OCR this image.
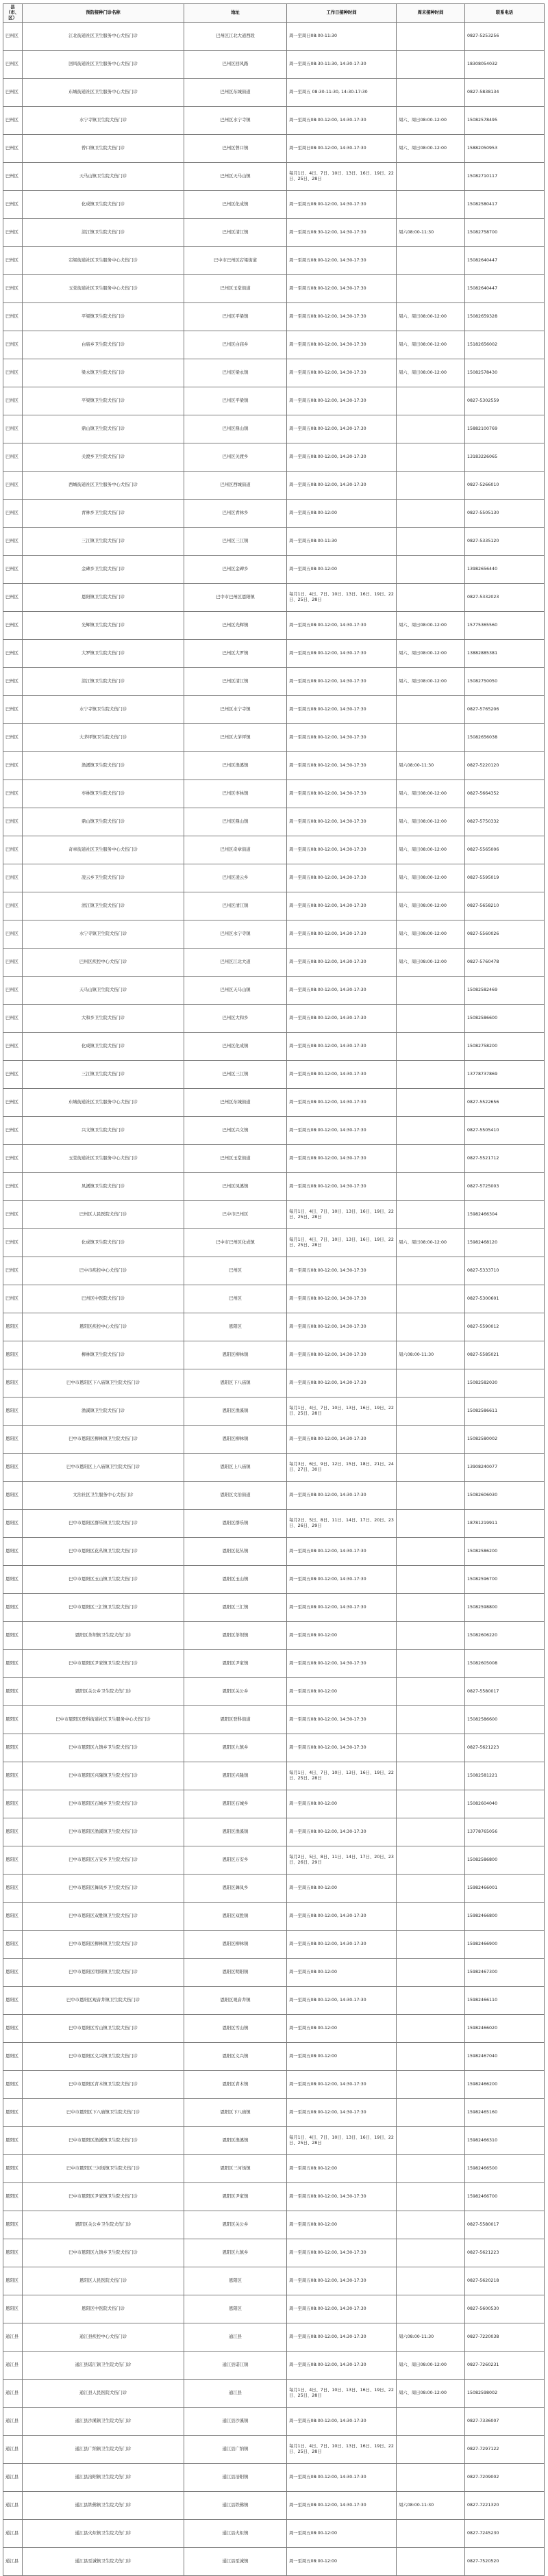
县（市、区）	预防接种门诊名称	地址	工作日接种时间	周末接种时间	联系电话
巴州区	江北街道社区卫生服务中心犬伤门诊	巴州区江北大道西段	周一至周日08:00-11:30		0827-5253256
巴州区	回风街道社区卫生服务中心犬伤门诊	巴州区回风路	周一至周五08:30-11:30, 14:30-17:30		18308054032
巴州区	东城街道社区卫生服务中心犬伤门诊	巴州区东城街道	周一至周五 08:30-11:30, 14:30-17:30		0827-5838134
巴州区	水宁寺镇卫生院犬伤门诊	巴州区水宁寺镇	周一至周五08:00-12:00, 14:30-17:30	周六、周日08:00-12:00	15082578495
巴州区	曾口镇卫生院犬伤门诊	巴州区曾口镇	周一至周日08:00-12:00, 14:30-17:30	周六、周日08:00-12:00	15882050953
巴州区	天马山镇卫生院犬伤门诊	巴州区天马山镇	每月1日、4日、7日、10日、13日、16日、19日、22日、25日、28日		15082710117
巴州区	化成镇卫生院犬伤门诊	巴州区化成镇	周一至周五08:00-12:00, 14:30-17:30		15082580417
巴州区	清江镇卫生院犬伤门诊	巴州区清江镇	周一至周五08:30-12:00, 14:30-17:30	周六08:00-11:30	15082758700
巴州区	宕梁街道社区卫生服务中心犬伤门诊	巴中市巴州区宕梁街道	周一至周五08:00-12:00, 14:30-17:30		15082640447
巴州区	玉堂街道社区卫生服务中心犬伤门诊	巴州区玉堂街道	周一至周五08:00-12:00, 14:30-17:30		15082640447
巴州区	平梁镇卫生院犬伤门诊	巴州区平梁镇	周一至周五08:00-12:00, 14:30-17:30	周六、周日08:00-12:00	15082659328
巴州区	白庙乡卫生院犬伤门诊	巴州区白庙乡	周一至周五08:00-12:00, 14:30-17:30	周六、周日08:00-12:00	15182656002
巴州区	梁永镇卫生院犬伤门诊	巴州区梁永镇	周一至周五08:00-12:00, 14:30-17:30	周六、周日08:00-12:00	15082578430
巴州区	平梁镇卫生院犬伤门诊	巴州区平梁镇	周一至周五08:00-12:00, 14:30-17:30		0827-5302559
巴州区	鼎山镇卫生院犬伤门诊	巴州区鼎山镇	周一至周五08:00-12:00, 14:30-17:30		15882100769
巴州区	关渡乡卫生院犬伤门诊	巴州区关渡乡	周一至周五08:00-12:00, 14:30-17:30		13183226065
巴州区	西城街道社区卫生服务中心犬伤门诊	巴州区西城街道	周一至周五08:00-12:00, 14:30-17:30		0827-5266010
巴州区	青林乡卫生院犬伤门诊	巴州区青林乡	周一至周五08:00-12:00		0827-5505130
巴州区	三江镇卫生院犬伤门诊	巴州区三江镇	周一至周五08:00-11:30		0827-5335120
巴州区	金碑乡卫生院犬伤门诊	巴州区金碑乡	周一至周五08:00-12:00		13982656440
巴州区	恩阳镇卫生院犬伤门诊	巴中市巴州区恩阳镇	每月1日、4日、7日、10日、13日、16日、19日、22日、25日、28日		0827-5332023
巴州区	光辉镇卫生院犬伤门诊	巴州区光辉镇	周一至周五08:00-12:00, 14:30-17:30	周六、周日08:00-12:00	15775365560
巴州区	大罗镇卫生院犬伤门诊	巴州区大罗镇	周一至周五08:00-12:00, 14:30-17:30	周六、周日08:00-12:00	13882885381
巴州区	清江镇卫生院犬伤门诊	巴州区清江镇	周一至周五08:00-12:00, 14:30-17:30	周六、周日08:00-12:00	15082750050
巴州区	水宁寺镇卫生院犬伤门诊	巴州区水宁寺镇	周一至周五08:00-12:00, 14:30-17:30		0827-5765206
巴州区	大茅坪镇卫生院犬伤门诊	巴州区大茅坪镇	周一至周五08:00-12:00, 14:30-17:30		15082656038
巴州区	渔溪镇卫生院犬伤门诊	巴州区渔溪镇	周一至周五08:00-12:00, 14:30-17:30	周六08:00-11:30	0827-5220120
巴州区	枣林镇卫生院犬伤门诊	巴州区枣林镇	周一至周五08:00-12:00, 14:30-17:30	周六、周日08:00-12:00	0827-5664352
巴州区	鼎山镇卫生院犬伤门诊	巴州区鼎山镇	周一至周五08:00-12:00, 14:30-17:30	周六、周日08:00-12:00	0827-5750332
巴州区	奇章街道社区卫生服务中心犬伤门诊	巴州区奇章街道	周一至周五08:00-12:00, 14:30-17:30	周六、周日08:00-12:00	0827-5565006
巴州区	凌云乡卫生院犬伤门诊	巴州区凌云乡	周一至周五08:00-12:00, 14:30-17:30	周六、周日08:00-12:00	0827-5595019
巴州区	清江镇卫生院犬伤门诊	巴州区清江镇	周一至周五08:00-12:00, 14:30-17:30	周六、周日08:00-12:00	0827-5658210
巴州区	水宁寺镇卫生院犬伤门诊	巴州区水宁寺镇	周一至周五08:00-12:00, 14:30-17:30	周六、周日08:00-12:00	0827-5560026
巴州区	巴州区疾控中心犬伤门诊	巴州区江北大道	周一至周五08:00-12:00, 14:30-17:30	周六、周日08:00-12:00	0827-5760478
巴州区	天马山镇卫生院犬伤门诊	巴州区天马山镇	周一至周五08:00-12:00, 14:30-17:30		15082582469
巴州区	大和乡卫生院犬伤门诊	巴州区大和乡	周一至周五08:00-12:00, 14:30-17:30		15082586600
巴州区	化成镇卫生院犬伤门诊	巴州区化成镇	周一至周五08:00-12:00, 14:30-17:30		15082758200
巴州区	三江镇卫生院犬伤门诊	巴州区三江镇	周一至周五08:00-12:00, 14:30-17:30		13778737869
巴州区	东城街道社区卫生服务中心犬伤门诊	巴州区东城街道	周一至周五08:00-12:00, 14:30-17:30		0827-5522656
巴州区	兴文镇卫生院犬伤门诊	巴州区兴文镇	周一至周五08:00-12:00, 14:30-17:30		0827-5505410
巴州区	玉堂街道社区卫生服务中心犬伤门诊	巴州区玉堂街道	周一至周五08:00-12:00, 14:30-17:30		0827-5521712
巴州区	凤溪镇卫生院犬伤门诊	巴州区凤溪镇	周一至周五08:00-12:00, 14:30-17:30		0827-5725003
巴州区	巴州区人民医院犬伤门诊	巴中市巴州区	每月1日、4日、7日、10日、13日、16日、19日、22日、25日、28日		15982466304
巴州区	化成镇卫生院犬伤门诊	巴中市巴州区化成镇	每月1日、4日、7日、10日、13日、16日、19日、22日、25日、28日	周六、周日08:00-12:00	15982468120
巴州区	巴中市疾控中心犬伤门诊	巴州区	周一至周五08:00-12:00, 14:30-17:30		0827-5333710
巴州区	巴州区中医院犬伤门诊	巴州区	周一至周五08:00-12:00, 14:30-17:30		0827-5300601
恩阳区	恩阳区疾控中心犬伤门诊	恩阳区	周一至周五08:00-12:00, 14:30-17:30		0827-5590012
恩阳区	柳林镇卫生院犬伤门诊	恩阳区柳林镇	周一至周五08:00-12:00, 14:30-17:30	周六08:00-11:30	0827-5585021
恩阳区	巴中市恩阳区下八庙镇卫生院犬伤门诊	恩阳区下八庙镇	周一至周五08:00-12:00, 14:30-17:30		15082582030
恩阳区	渔溪镇卫生院犬伤门诊	恩阳区渔溪镇	每月1日、4日、7日、10日、13日、16日、19日、22日、25日、28日		15082586611
恩阳区	巴中市恩阳区柳林镇卫生院犬伤门诊	恩阳区柳林镇	周一至周五08:00-12:00, 14:30-17:30		15082580002
恩阳区	巴中市恩阳区上八庙镇卫生院犬伤门诊	恩阳区上八庙镇	每月3日、6日、9日、12日、15日、18日、21日、24日、27日、30日		13908240077
恩阳区	文治社区卫生服务中心犬伤门诊	恩阳区文治街道	周一至周五08:00-12:00, 14:30-17:30		15082606030
恩阳区	巴中市恩阳区群乐镇卫生院犬伤门诊	恩阳区群乐镇	每月2日、5日、8日、11日、14日、17日、20日、23日、26日、29日		18781219911
恩阳区	巴中市恩阳区花丛镇卫生院犬伤门诊	恩阳区花丛镇	周一至周五08:00-12:00, 14:30-17:30		15082586200
恩阳区	巴中市恩阳区玉山镇卫生院犬伤门诊	恩阳区玉山镇	周一至周五08:00-12:00, 14:30-17:30		15082596700
恩阳区	巴中市恩阳区三汇镇卫生院犬伤门诊	恩阳区三汇镇	周一至周五08:00-12:00, 14:30-17:30		15082598800
恩阳区	恩阳区茶坝镇卫生院犬伤门诊	恩阳区茶坝镇	周一至周五08:00-12:00		15082606220
恩阳区	巴中市恩阳区尹家镇卫生院犬伤门诊	恩阳区尹家镇	周一至周五08:00-12:00, 14:30-17:30		15082605008
恩阳区	恩阳区关公乡卫生院犬伤门诊	恩阳区关公乡	周一至周五08:00-12:00		0827-5580017
恩阳区	巴中市恩阳区登科街道社区卫生服务中心犬伤门诊	恩阳区登科街道	周一至周五08:00-12:00, 14:30-17:30		15082586600
恩阳区	巴中市恩阳区九镇乡卫生院犬伤门诊	恩阳区九镇乡	周一至周五08:00-12:00, 14:30-17:30		0827-5621223
恩阳区	巴中市恩阳区兴隆镇卫生院犬伤门诊	恩阳区兴隆镇	每月1日、4日、7日、10日、13日、16日、19日、22日、25日、28日		15082581221
恩阳区	巴中市恩阳区石城乡卫生院犬伤门诊	恩阳区石城乡	周一至周五08:00-12:00		15082604040
恩阳区	巴中市恩阳区渔溪镇卫生院犬伤门诊	恩阳区渔溪镇	周一至周五08:00-12:00, 14:30-17:30		13778765056
恩阳区	巴中市恩阳区万安乡卫生院犬伤门诊	恩阳区万安乡	每月2日、5日、8日、11日、14日、17日、20日、23日、26日、29日		15082586800
恩阳区	巴中市恩阳区舞凤乡卫生院犬伤门诊	恩阳区舞凤乡	周一至周五08:00-12:00		15982466001
恩阳区	巴中市恩阳区双胜镇卫生院犬伤门诊	恩阳区双胜镇	周一至周五08:00-12:00, 14:30-17:30		15982466800
恩阳区	巴中市恩阳区柳林镇卫生院犬伤门诊	恩阳区柳林镇	周一至周五08:00-12:00, 14:30-17:30		15982466900
恩阳区	巴中市恩阳区明阳镇卫生院犬伤门诊	恩阳区明阳镇	周一至周五08:00-12:00		15982467300
恩阳区	巴中市恩阳区观音井镇卫生院犬伤门诊	恩阳区观音井镇	周一至周五08:00-12:00, 14:30-17:30		15982466110
恩阳区	巴中市恩阳区雪山镇卫生院犬伤门诊	恩阳区雪山镇	周一至周五08:00-12:00		15982466020
恩阳区	巴中市恩阳区义兴镇卫生院犬伤门诊	恩阳区义兴镇	周一至周五08:00-12:00		15982467040
恩阳区	巴中市恩阳区青木镇卫生院犬伤门诊	恩阳区青木镇	周一至周五08:00-12:00, 14:30-17:30		15982466200
恩阳区	巴中市恩阳区下八庙镇卫生院犬伤门诊	恩阳区下八庙镇	周一至周五08:00-12:00, 14:30-17:30		15982465160
恩阳区	巴中市恩阳区渔溪镇卫生院犬伤门诊	恩阳区渔溪镇	每月1日、4日、7日、10日、13日、16日、19日、22日、25日、28日		15982466310
恩阳区	巴中市恩阳区三河场镇卫生院犬伤门诊	恩阳区三河场镇	周一至周五08:00-12:00		15982466500
恩阳区	巴中市恩阳区尹家镇卫生院犬伤门诊	恩阳区尹家镇	周一至周五08:00-12:00, 14:30-17:30		15982466700
恩阳区	恩阳区关公乡卫生院犬伤门诊	恩阳区关公乡	周一至周五08:00-12:00		0827-5580017
恩阳区	巴中市恩阳区九镇乡卫生院犬伤门诊	恩阳区九镇乡	周一至周五08:00-12:00, 14:30-17:30		0827-5621223
恩阳区	恩阳区人民医院犬伤门诊	恩阳区	周一至周五08:00-12:00, 14:30-17:30		0827-5620218
恩阳区	恩阳区中医院犬伤门诊	恩阳区	周一至周五08:00-12:00, 14:30-17:30		0827-5600530
通江县	通江县疾控中心犬伤门诊	通江县	周一至周五08:00-12:00, 14:30-17:30	周六08:00-11:30	0827-7220038
通江县	通江县诺江镇卫生院犬伤门诊	通江县诺江镇	周一至周五08:00-12:00, 14:30-17:30	周六、周日08:00-12:00	0827-7260231
通江县	通江县人民医院犬伤门诊	通江县	每月1日、4日、7日、10日、13日、16日、19日、22日、25日、28日	周六、周日08:00-12:00	15082598002
通江县	通江县沙溪镇卫生院犬伤门诊	通江县沙溪镇	周一至周五08:00-12:00, 14:30-17:30		0827-7336007
通江县	通江县广纳镇卫生院犬伤门诊	通江县广纳镇	每月1日、4日、7日、10日、13日、16日、19日、22日、25日、28日		0827-7297122
通江县	通江县涪阳镇卫生院犬伤门诊	通江县涪阳镇	周一至周五08:00-12:00, 14:30-17:30		0827-7209002
通江县	通江县铁佛镇卫生院犬伤门诊	通江县铁佛镇	周一至周五08:00-12:00, 14:30-17:30	周六08:00-11:30	0827-7221320
通江县	通江县火炬镇卫生院犬伤门诊	通江县火炬镇	周一至周五08:00-12:00		0827-7245230
通江县	通江县至诚镇卫生院犬伤门诊	通江县至诚镇	周一至周五08:00-12:00		0827-7520520
